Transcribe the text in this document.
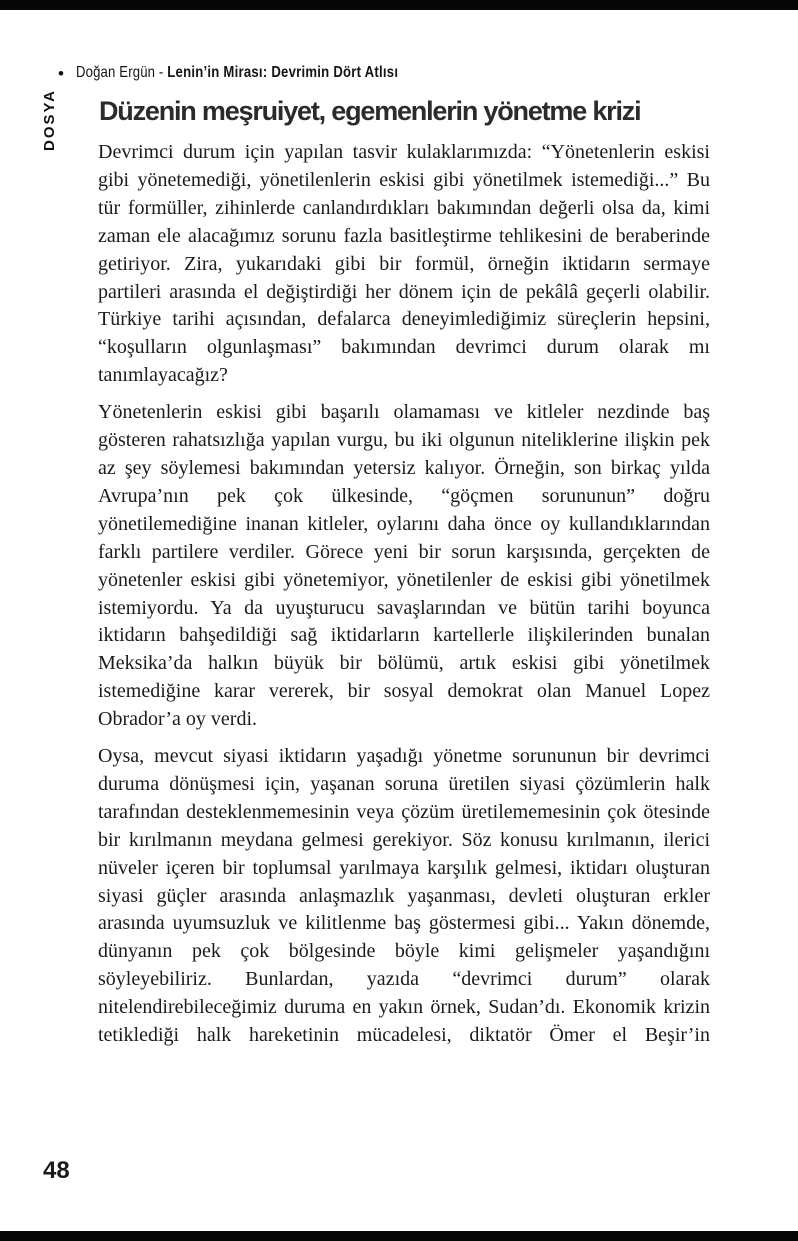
• Doğan Ergün - Lenin’in Mirası: Devrimin Dört Atlısı
DOSYA Düzenin meşruiyet, egemenlerin yönetme krizi

Devrimci durum için yapılan tasvir kulaklarımızda: “Yönetenlerin eskisi gibi yönetemediği, yönetilenlerin eskisi gibi yönetilmek istemediği...” Bu tür formüller, zihinlerde canlandırdıkları bakımından değerli olsa da, kimi zaman ele alacağımız sorunu fazla basitleştirme tehlikesini de beraberinde getiriyor. Zira, yukarıdaki gibi bir formül, örneğin iktidarın sermaye partileri arasında el değiştirdiği her dönem için de pekâlâ geçerli olabilir. Türkiye tarihi açısından, defalarca deneyimlediğimiz süreçlerin hepsini, “koşulların olgunlaşması” bakımından devrimci durum olarak mı tanımlayacağız?

Yönetenlerin eskisi gibi başarılı olamaması ve kitleler nezdinde baş gösteren rahatsızlığa yapılan vurgu, bu iki olgunun niteliklerine ilişkin pek az şey söylemesi bakımından yetersiz kalıyor. Örneğin, son birkaç yılda Avrupa’nın pek çok ülkesinde, “göçmen sorununun” doğru yönetilemediğine inanan kitleler, oylarını daha önce oy kullandıklarından farklı partilere verdiler. Görece yeni bir sorun karşısında, gerçekten de yönetenler eskisi gibi yönetemiyor, yönetilenler de eskisi gibi yönetilmek istemiyordu. Ya da uyuşturucu savaşlarından ve bütün tarihi boyunca iktidarın bahşedildiği sağ iktidarların kartellerle ilişkilerinden bunalan Meksika’da halkın büyük bir bölümü, artık eskisi gibi yönetilmek istemediğine karar vererek, bir sosyal demokrat olan Manuel Lopez Obrador’a oy verdi.

Oysa, mevcut siyasi iktidarın yaşadığı yönetme sorununun bir devrimci duruma dönüşmesi için, yaşanan soruna üretilen siyasi çözümlerin halk tarafından desteklenmemesinin veya çözüm üretilememesinin çok ötesinde bir kırılmanın meydana gelmesi gerekiyor. Söz konusu kırılmanın, ilerici nüveler içeren bir toplumsal yarılmaya karşılık gelmesi, iktidarı oluşturan siyasi güçler arasında anlaşmazlık yaşanması, devleti oluşturan erkler arasında uyumsuzluk ve kilitlenme baş göstermesi gibi... Yakın dönemde, dünyanın pek çok bölgesinde böyle kimi gelişmeler yaşandığını söyleyebiliriz. Bunlardan, yazıda “devrimci durum” olarak nitelendirebileceğimiz duruma en yakın örnek, Sudan’dı. Ekonomik krizin tetiklediği halk hareketinin mücadelesi, diktatör Ömer el Beşir’in

48
